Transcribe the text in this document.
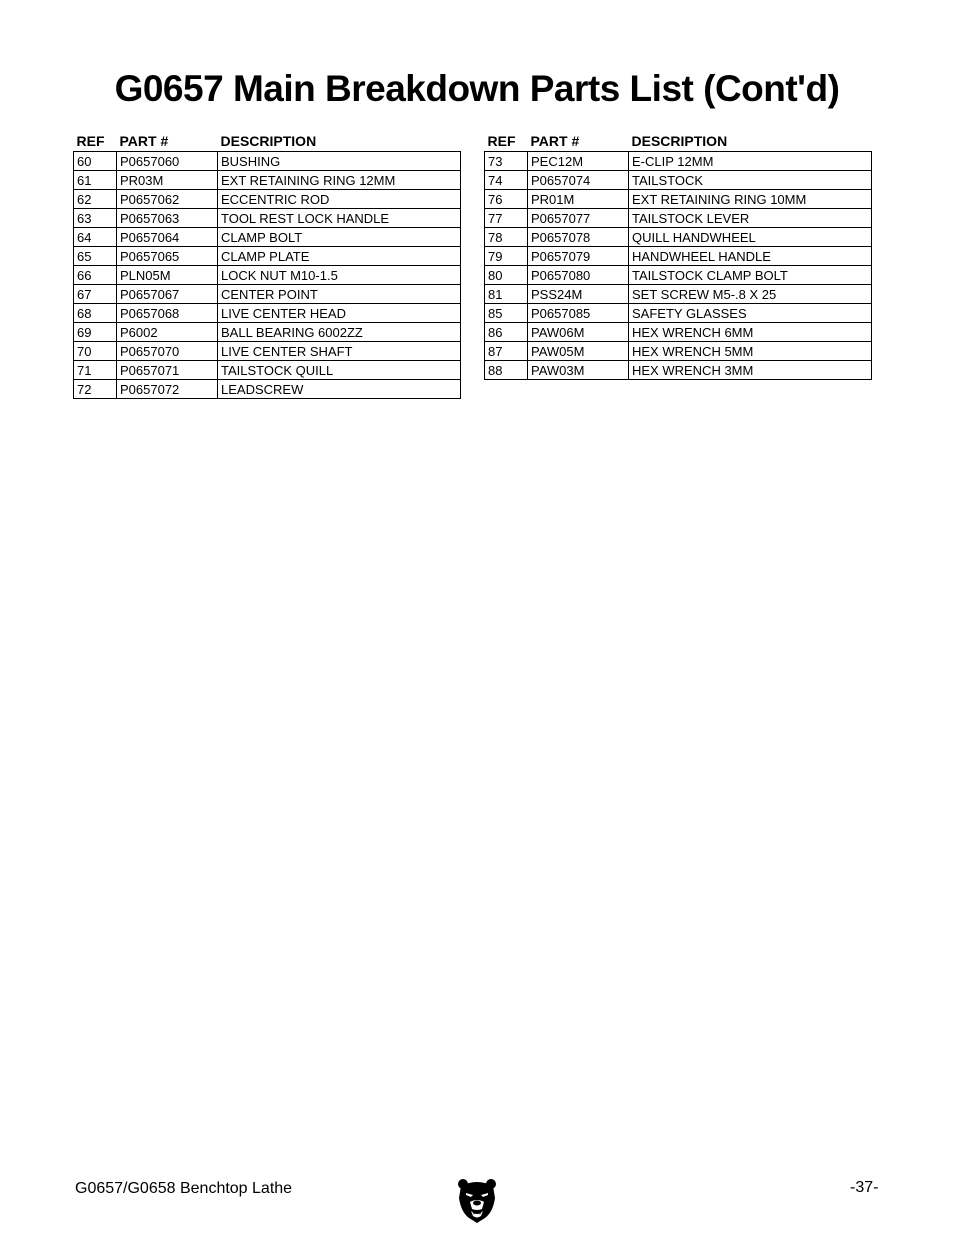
G0657 Main Breakdown Parts List (Cont'd)
REF	PART #	DESCRIPTION
60	P0657060	BUSHING
61	PR03M	EXT RETAINING RING 12MM
62	P0657062	ECCENTRIC ROD
63	P0657063	TOOL REST LOCK HANDLE
64	P0657064	CLAMP BOLT
65	P0657065	CLAMP PLATE
66	PLN05M	LOCK NUT M10-1.5
67	P0657067	CENTER POINT
68	P0657068	LIVE CENTER HEAD
69	P6002	BALL BEARING 6002ZZ
70	P0657070	LIVE CENTER SHAFT
71	P0657071	TAILSTOCK QUILL
72	P0657072	LEADSCREW
REF	PART #	DESCRIPTION
73	PEC12M	E-CLIP 12MM
74	P0657074	TAILSTOCK
76	PR01M	EXT RETAINING RING 10MM
77	P0657077	TAILSTOCK LEVER
78	P0657078	QUILL HANDWHEEL
79	P0657079	HANDWHEEL HANDLE
80	P0657080	TAILSTOCK CLAMP BOLT
81	PSS24M	SET SCREW M5-.8 X 25
85	P0657085	SAFETY GLASSES
86	PAW06M	HEX WRENCH 6MM
87	PAW05M	HEX WRENCH 5MM
88	PAW03M	HEX WRENCH 3MM
G0657/G0658 Benchtop Lathe	-37-
